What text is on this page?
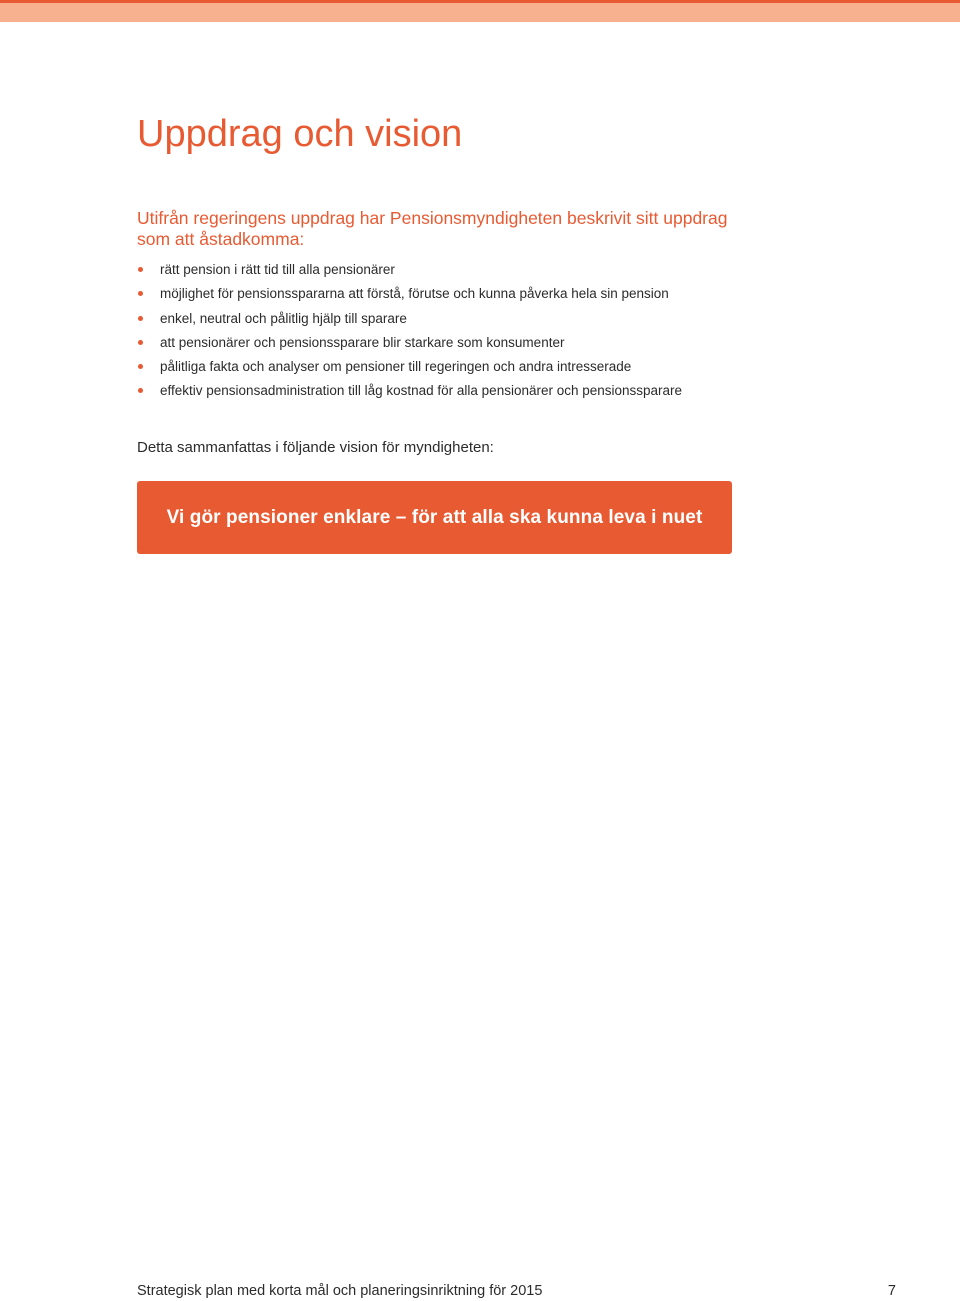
Uppdrag och vision

Utifrån regeringens uppdrag har Pensionsmyndigheten beskrivit sitt uppdrag som att åstadkomma:

rätt pension i rätt tid till alla pensionärer
möjlighet för pensionsspararna att förstå, förutse och kunna påverka hela sin pension
enkel, neutral och pålitlig hjälp till sparare
att pensionärer och pensionssparare blir starkare som konsumenter
pålitliga fakta och analyser om pensioner till regeringen och andra intresserade
effektiv pensionsadministration till låg kostnad för alla pensionärer och pensionssparare

Detta sammanfattas i följande vision för myndigheten:

Vi gör pensioner enklare – för att alla ska kunna leva i nuet
Strategisk plan med korta mål och planeringsinriktning för 2015	7
